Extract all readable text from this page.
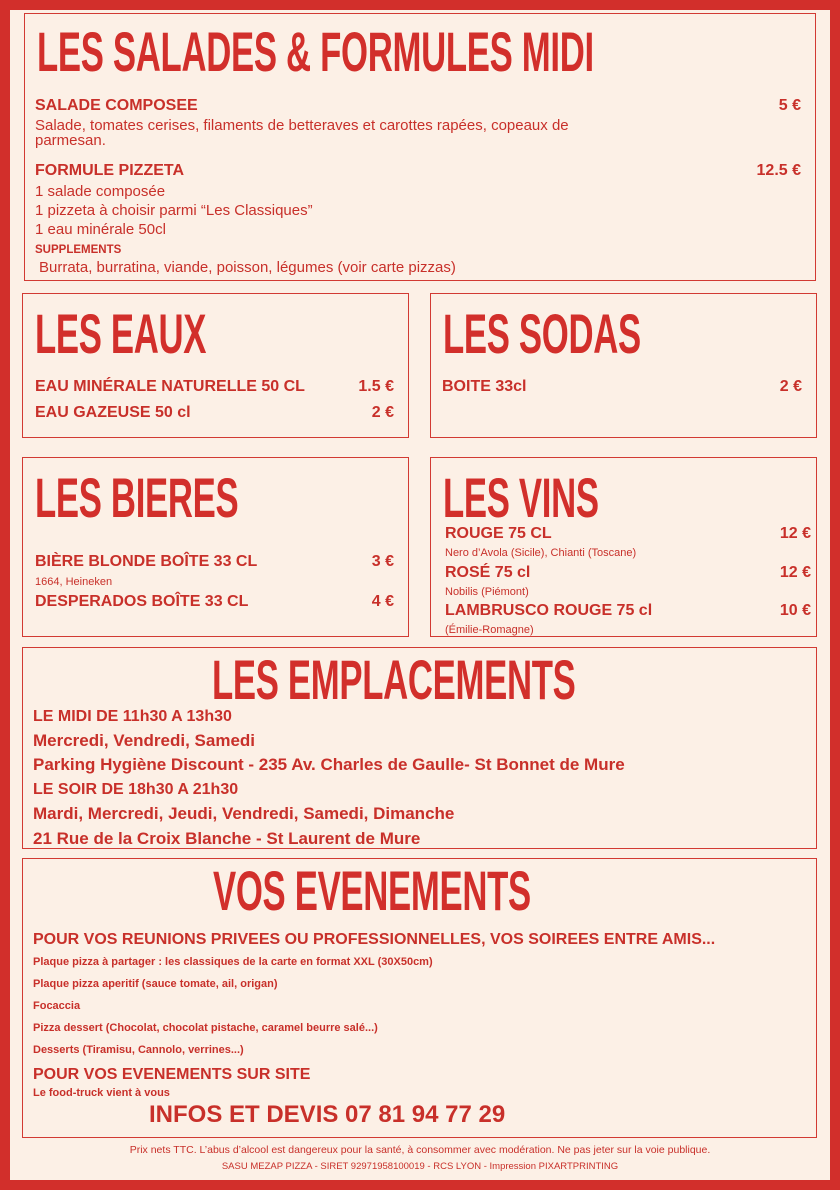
LES SALADES & FORMULES MIDI
SALADE COMPOSEE	5 €
Salade, tomates cerises, filaments de betteraves et carottes rapées, copeaux de
parmesan.
FORMULE PIZZETA	12.5 €
1 salade composée
1 pizzeta à choisir parmi “Les Classiques”
1 eau minérale 50cl
SUPPLEMENTS
Burrata, burratina, viande, poisson, légumes (voir carte pizzas)
LES EAUX
EAU MINÉRALE NATURELLE 50 CL	1.5 €
EAU GAZEUSE 50 cl	2 €
LES SODAS
BOITE 33cl	2 €
LES BIERES
BIÈRE BLONDE BOÎTE 33 CL	3 €
1664, Heineken
DESPERADOS BOÎTE 33 CL	4 €
LES VINS
ROUGE 75 CL	12 €
Nero d’Avola (Sicile), Chianti (Toscane)
ROSÉ 75 cl	12 €
Nobilis (Piémont)
LAMBRUSCO ROUGE 75 cl	10 €
(Émilie-Romagne)
LES EMPLACEMENTS
LE MIDI DE 11h30 A 13h30
Mercredi, Vendredi, Samedi
Parking Hygiène Discount - 235 Av. Charles de Gaulle- St Bonnet de Mure
LE SOIR DE 18h30 A 21h30
Mardi, Mercredi, Jeudi, Vendredi, Samedi, Dimanche
21 Rue de la Croix Blanche - St Laurent de Mure
VOS EVENEMENTS
POUR VOS REUNIONS PRIVEES OU PROFESSIONNELLES, VOS SOIREES ENTRE AMIS...
Plaque pizza à partager : les classiques de la carte en format XXL (30X50cm)
Plaque pizza aperitif (sauce tomate, ail, origan)
Focaccia
Pizza dessert (Chocolat, chocolat pistache, caramel beurre salé...)
Desserts (Tiramisu, Cannolo, verrines...)
POUR VOS EVENEMENTS SUR SITE
Le food-truck vient à vous
INFOS ET DEVIS 07 81 94 77 29
Prix nets TTC. L’abus d’alcool est dangereux pour la santé, à consommer avec modération. Ne pas jeter sur la voie publique.
SASU MEZAP PIZZA - SIRET 92971958100019 - RCS LYON - Impression PIXARTPRINTING
